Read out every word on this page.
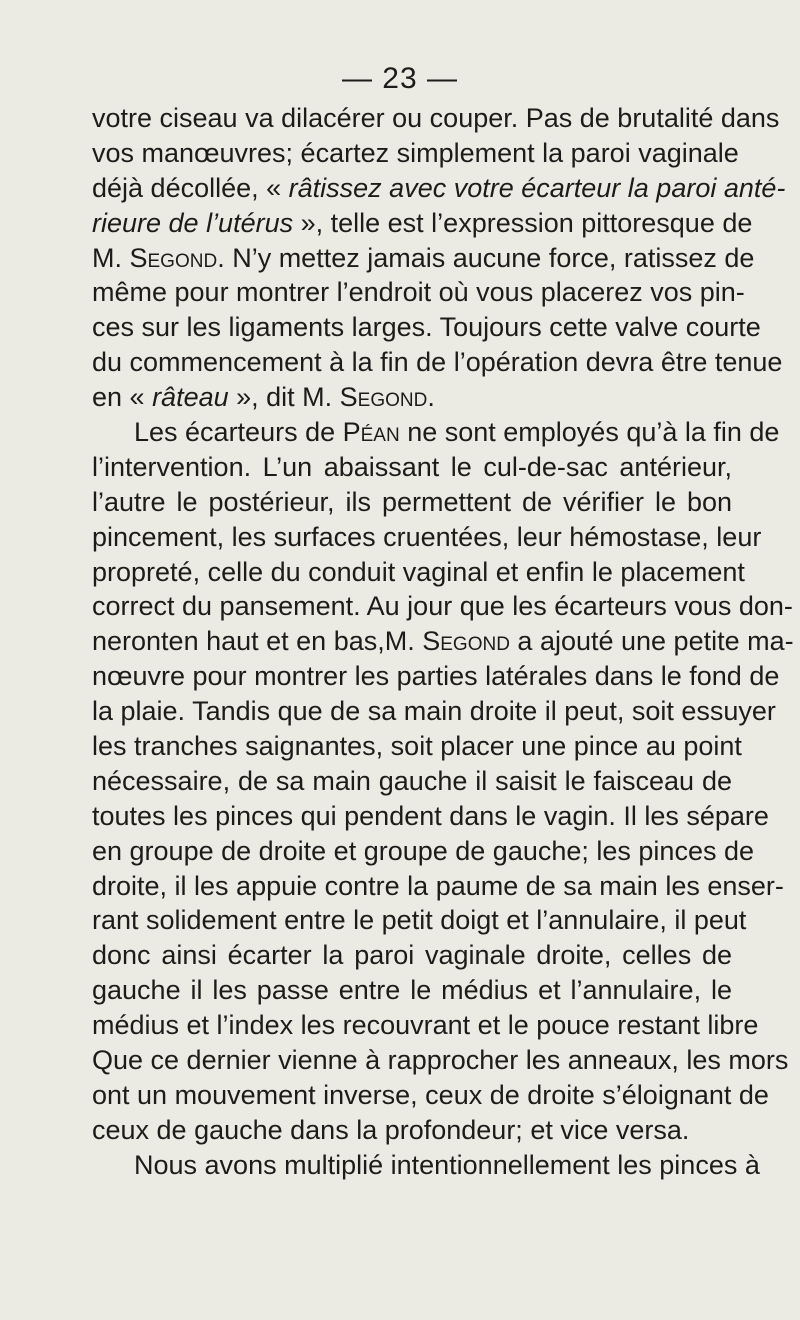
— 23 —
votre ciseau va dilacérer ou couper. Pas de brutalité dans
vos manœuvres; écartez simplement la paroi vaginale
déjà décollée, « râtissez avec votre écarteur la paroi anté-
rieure de l’utérus », telle est l’expression pittoresque de
M. Segond. N’y mettez jamais aucune force, ratissez de
même pour montrer l’endroit où vous placerez vos pin-
ces sur les ligaments larges. Toujours cette valve courte
du commencement à la fin de l’opération devra être tenue
en « râteau », dit M. Segond.
Les écarteurs de Péan ne sont employés qu’à la fin de
l’intervention. L’un abaissant le cul-de-sac antérieur,
l’autre le postérieur, ils permettent de vérifier le bon
pincement, les surfaces cruentées, leur hémostase, leur
propreté, celle du conduit vaginal et enfin le placement
correct du pansement. Au jour que les écarteurs vous don-
neronten haut et en bas,M. Segond a ajouté une petite ma-
nœuvre pour montrer les parties latérales dans le fond de
la plaie. Tandis que de sa main droite il peut, soit essuyer
les tranches saignantes, soit placer une pince au point
nécessaire, de sa main gauche il saisit le faisceau de
toutes les pinces qui pendent dans le vagin. Il les sépare
en groupe de droite et groupe de gauche; les pinces de
droite, il les appuie contre la paume de sa main les enser-
rant solidement entre le petit doigt et l’annulaire, il peut
donc ainsi écarter la paroi vaginale droite, celles de
gauche il les passe entre le médius et l’annulaire, le
médius et l’index les recouvrant et le pouce restant libre
Que ce dernier vienne à rapprocher les anneaux, les mors
ont un mouvement inverse, ceux de droite s’éloignant de
ceux de gauche dans la profondeur; et vice versa.
Nous avons multiplié intentionnellement les pinces à
